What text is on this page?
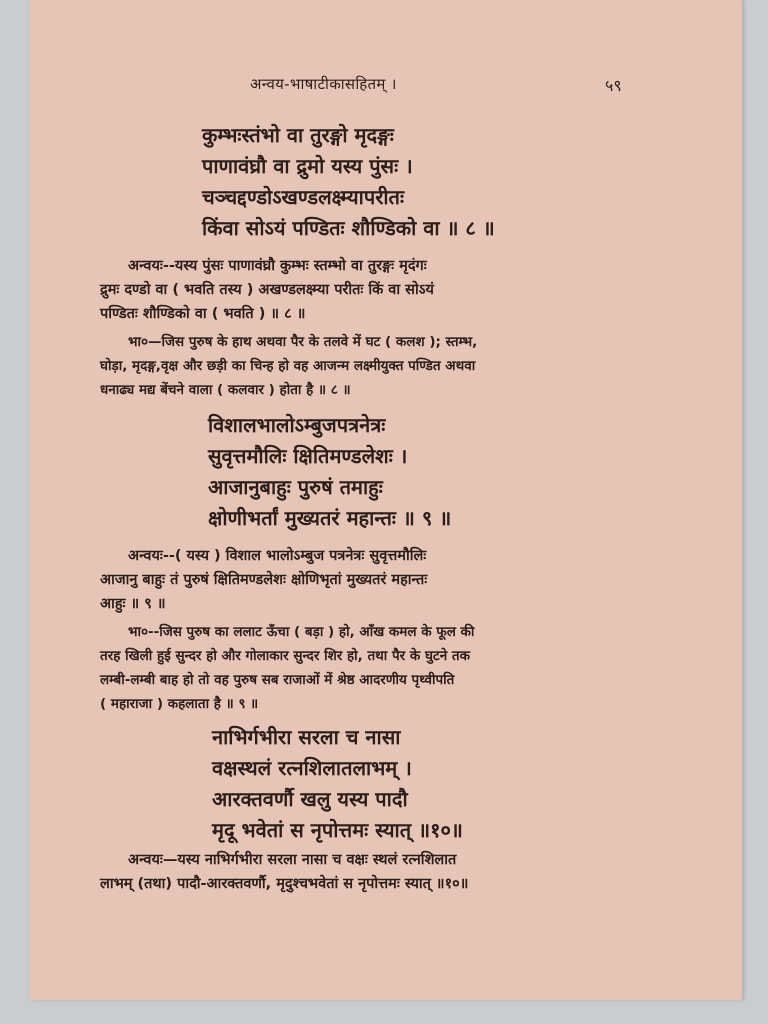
अन्वय-भाषाटीकासहितम् ।	५९
कुम्भःस्तंभो वा तुरङ्गो मृदङ्गः
पाणावंघ्रौ वा द्रुमो यस्य पुंसः ।
चञ्चद्दण्डोऽखण्डलक्ष्म्यापरीतः
किंवा सोऽयं पण्डितः शौण्डिको वा ॥ ८ ॥
अन्वयः--यस्य पुंसः पाणावंघ्रौ कुम्भः स्तम्भो वा तुरङ्गः मृदंगः
द्रुमः दण्डो वा ( भवति तस्य ) अखण्डलक्ष्म्या परीतः किं वा सोऽयं
पण्डितः शौण्डिको वा ( भवति ) ॥ ८ ॥
भा०—जिस पुरुष के हाथ अथवा पैर के तलवे में घट ( कलश ); स्तम्भ,
घोड़ा, मृदङ्ग,वृक्ष और छड़ी का चिन्ह हो वह आजन्म लक्ष्मीयुक्त पण्डित अथवा
धनाढ्य मद्य बेंचने वाला ( कलवार ) होता है ॥ ८ ॥
विशालभालोऽम्बुजपत्रनेत्रः
सुवृत्तमौलिः क्षितिमण्डलेशः ।
आजानुबाहुः पुरुषं तमाहुः
क्षोणीभर्तां मुख्यतरं महान्तः ॥ ९ ॥
अन्वयः--( यस्य ) विशाल भालोऽम्बुज पत्रनेत्रः सुवृत्तमौलिः
आजानु बाहुः तं पुरुषं क्षितिमण्डलेशः क्षोणिभृतां मुख्यतरं महान्तः
आहुः ॥ ९ ॥
भा०--जिस पुरुष का ललाट ऊँचा ( बड़ा ) हो, आँख कमल के फूल की
तरह खिली हुई सुन्दर हो और गोलाकार सुन्दर शिर हो, तथा पैर के घुटने तक
लम्बी-लम्बी बाह हो तो वह पुरुष सब राजाओं में श्रेष्ठ आदरणीय पृथ्वीपति
( महाराजा ) कहलाता है ॥ ९ ॥
नाभिर्गभीरा सरला च नासा
वक्षस्थलं रत्नशिलातलाभम् ।
आरक्तवर्णौ खलु यस्य पादौ
मृदू भवेतां स नृपोत्तमः स्यात् ॥१०॥
अन्वयः—यस्य नाभिर्गभीरा सरला नासा च वक्षः स्थलं रत्नशिलात
लाभम् (तथा) पादौ-आरक्तवर्णौ, मृदुश्चभवेतां स नृपोत्तमः स्यात् ॥१०॥
